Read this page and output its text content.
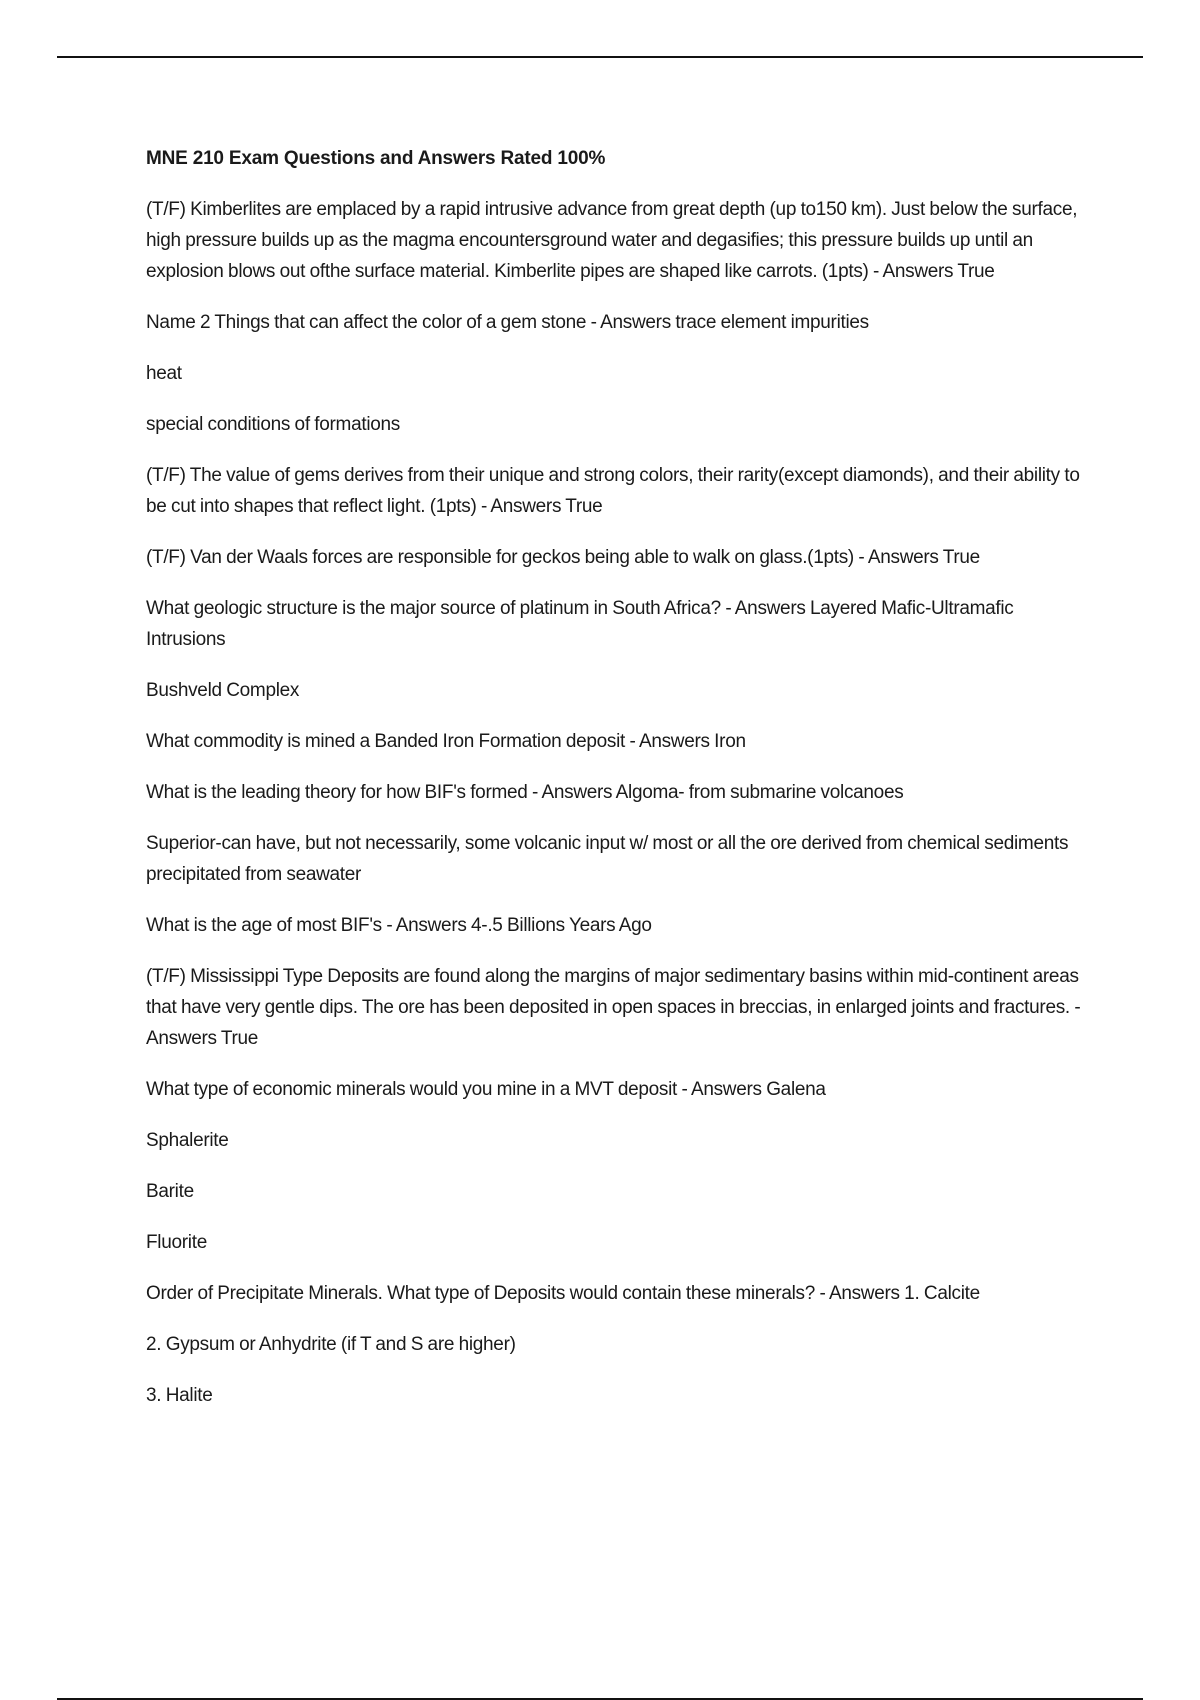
MNE 210 Exam Questions and Answers Rated 100%

(T/F) Kimberlites are emplaced by a rapid intrusive advance from great depth (up to150 km). Just below the surface, high pressure builds up as the magma encountersground water and degasifies; this pressure builds up until an explosion blows out ofthe surface material. Kimberlite pipes are shaped like carrots. (1pts) - Answers True

Name 2 Things that can affect the color of a gem stone - Answers trace element impurities

heat

special conditions of formations

(T/F) The value of gems derives from their unique and strong colors, their rarity(except diamonds), and their ability to be cut into shapes that reflect light. (1pts) - Answers True

(T/F) Van der Waals forces are responsible for geckos being able to walk on glass.(1pts) - Answers True

What geologic structure is the major source of platinum in South Africa? - Answers Layered Mafic-Ultramafic Intrusions

Bushveld Complex

What commodity is mined a Banded Iron Formation deposit - Answers Iron

What is the leading theory for how BIF's formed - Answers Algoma- from submarine volcanoes

Superior-can have, but not necessarily, some volcanic input w/ most or all the ore derived from chemical sediments precipitated from seawater

What is the age of most BIF's - Answers 4-.5 Billions Years Ago

(T/F) Mississippi Type Deposits are found along the margins of major sedimentary basins within mid-continent areas that have very gentle dips. The ore has been deposited in open spaces in breccias, in enlarged joints and fractures. - Answers True

What type of economic minerals would you mine in a MVT deposit - Answers Galena

Sphalerite

Barite

Fluorite

Order of Precipitate Minerals. What type of Deposits would contain these minerals? - Answers 1. Calcite

2. Gypsum or Anhydrite (if T and S are higher)

3. Halite
